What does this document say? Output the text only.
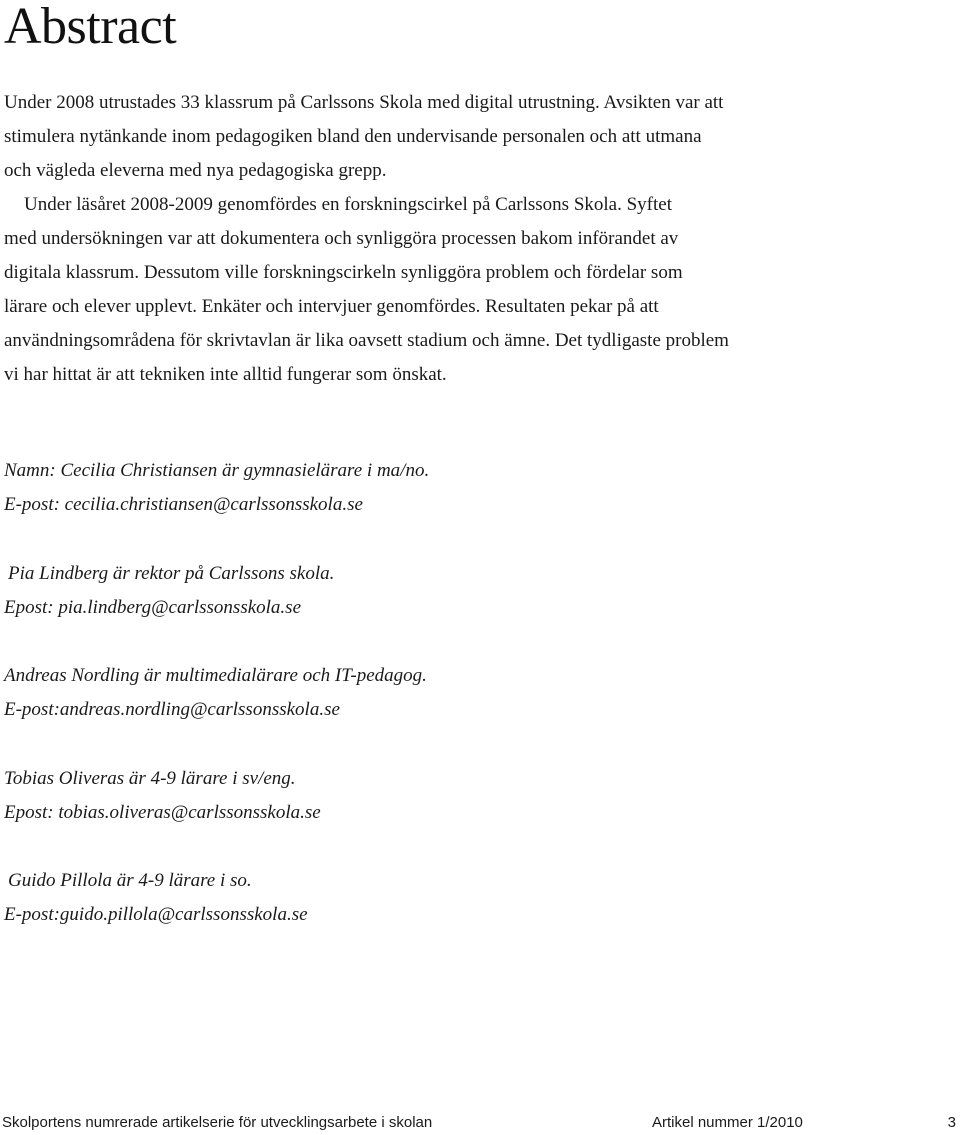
Abstract
Under 2008 utrustades 33 klassrum på Carlssons Skola med digital utrustning. Avsikten var att
stimulera nytänkande inom pedagogiken bland den undervisande personalen och att utmana
och vägleda eleverna med nya pedagogiska grepp.
Under läsåret 2008-2009 genomfördes en forskningscirkel på Carlssons Skola. Syftet
med undersökningen var att dokumentera och synliggöra processen bakom införandet av
digitala klassrum. Dessutom ville forskningscirkeln synliggöra problem och fördelar som
lärare och elever upplevt. Enkäter och intervjuer genomfördes. Resultaten pekar på att
användningsområdena för skrivtavlan är lika oavsett stadium och ämne. Det tydligaste problem
vi har hittat är att tekniken inte alltid fungerar som önskat.
Namn: Cecilia Christiansen är gymnasielärare i ma/no.
E-post: cecilia.christiansen@carlssonsskola.se
Pia Lindberg är rektor på Carlssons skola.
Epost: pia.lindberg@carlssonsskola.se
Andreas Nordling är multimedialärare och IT-pedagog.
E-post:andreas.nordling@carlssonsskola.se
Tobias Oliveras är 4-9 lärare i sv/eng.
Epost: tobias.oliveras@carlssonsskola.se
Guido Pillola är 4-9 lärare i so.
E-post:guido.pillola@carlssonsskola.se
Skolportens numrerade artikelserie för utvecklingsarbete i skolan	Artikel nummer 1/2010	3
